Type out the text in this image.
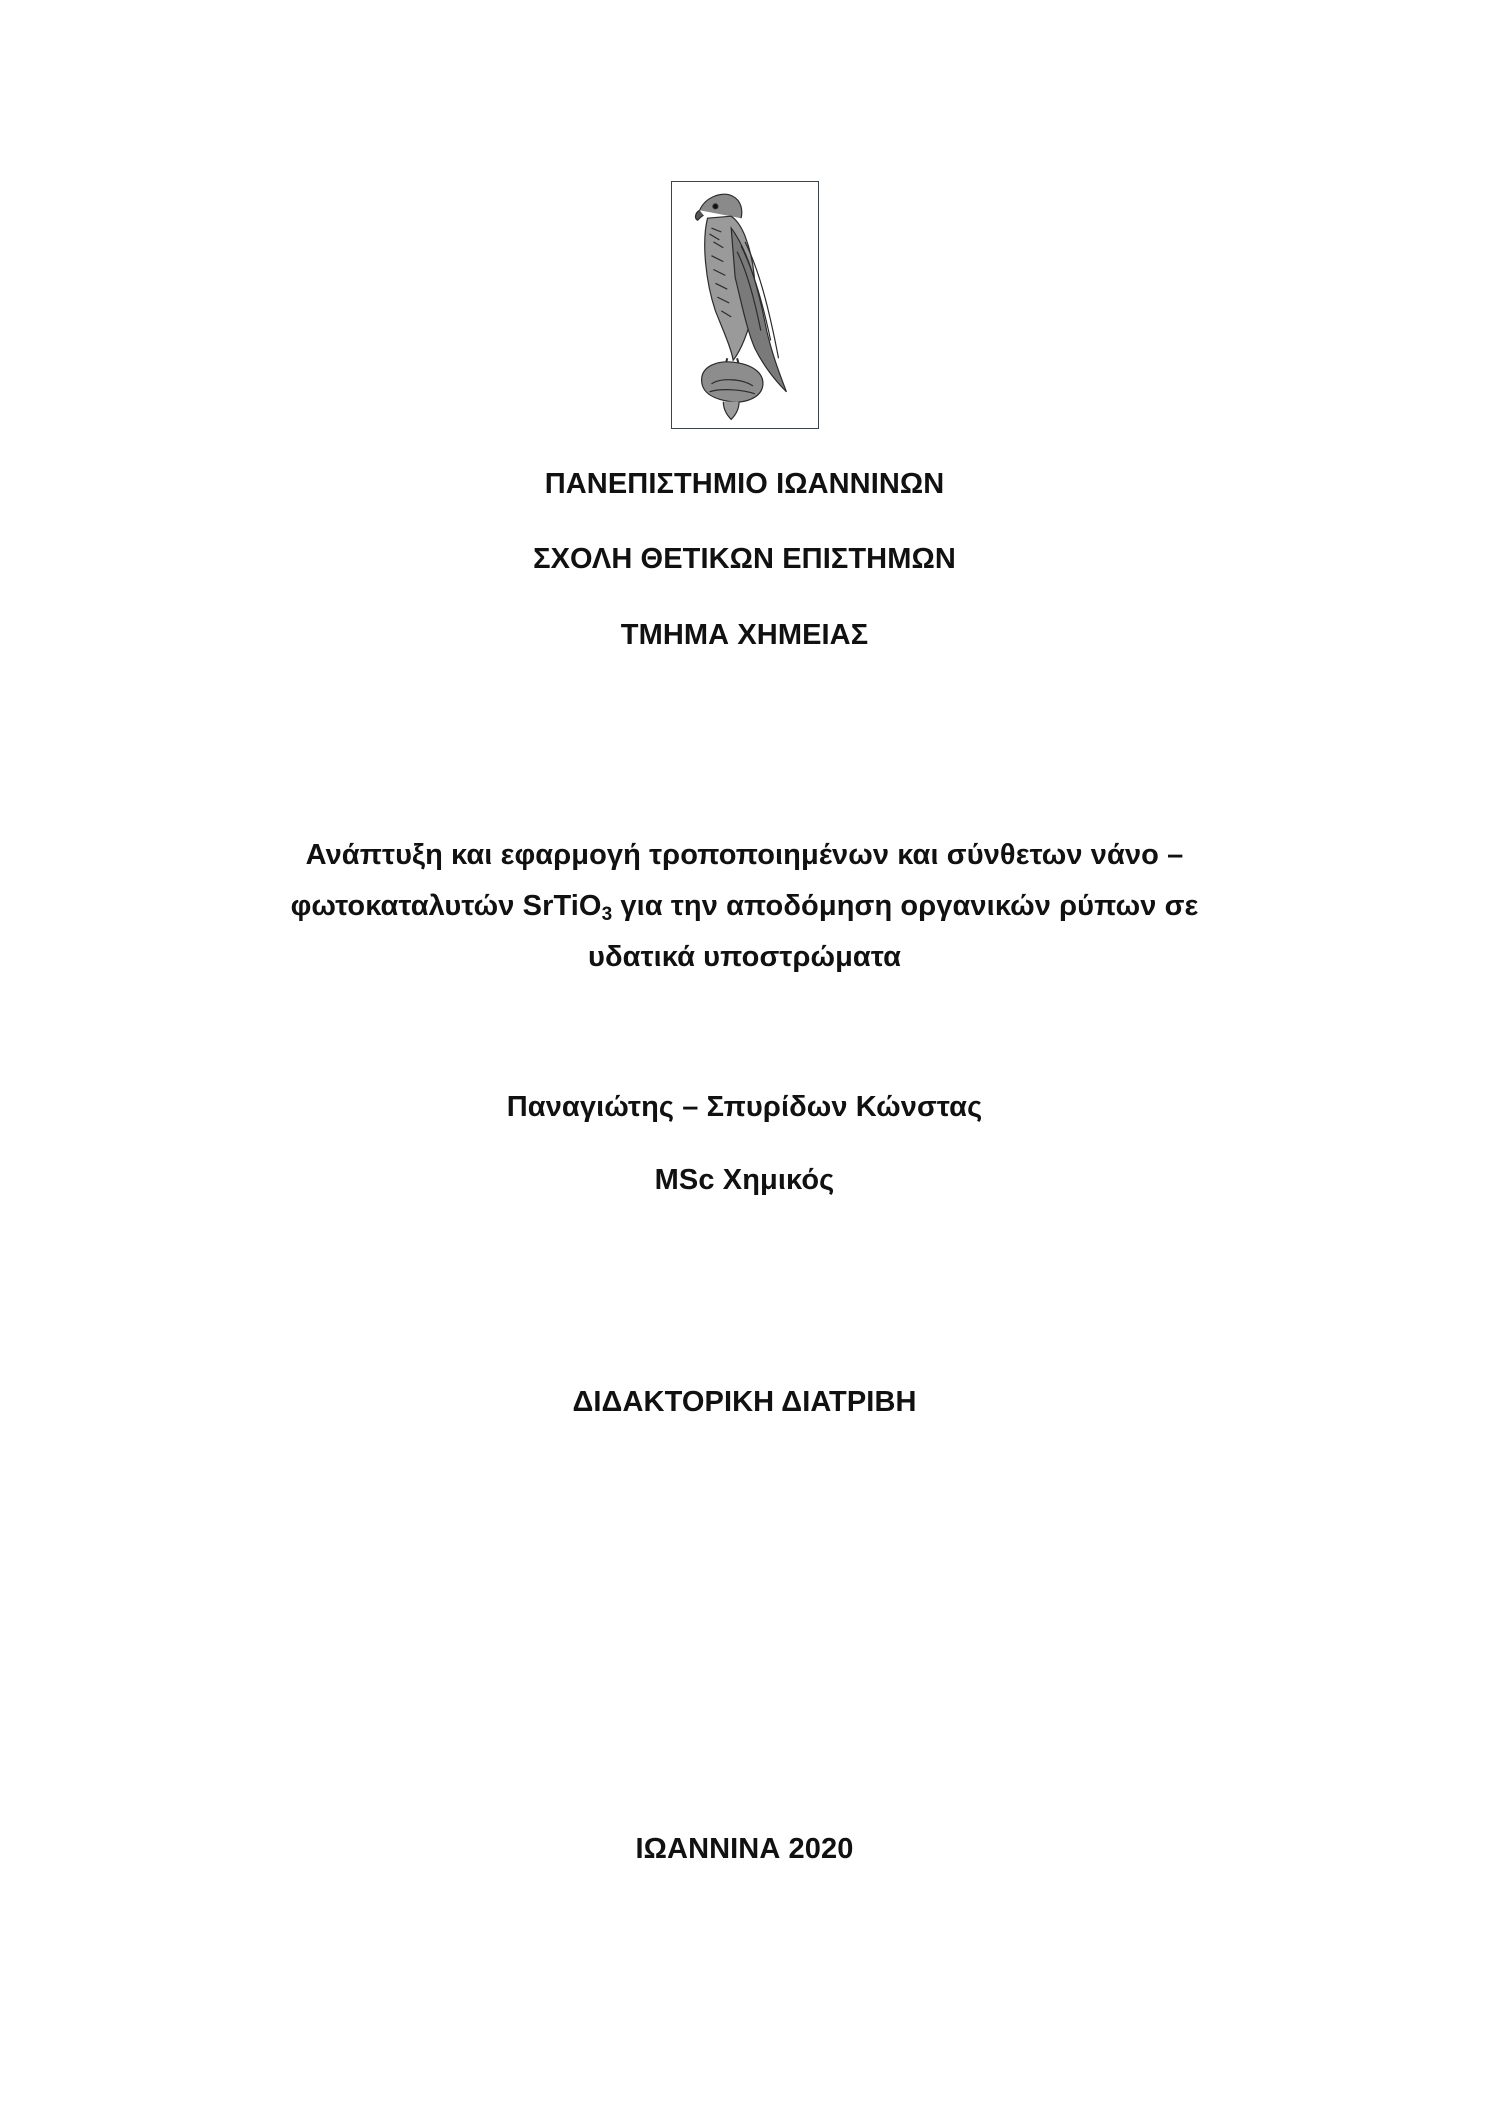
ΠΑΝΕΠΙΣΤΗΜΙΟ ΙΩΑΝΝΙΝΩΝ
ΣΧΟΛΗ ΘΕΤΙΚΩΝ ΕΠΙΣΤΗΜΩΝ
ΤΜΗΜΑ ΧΗΜΕΙΑΣ
Ανάπτυξη και εφαρμογή τροποποιημένων και σύνθετων νάνο –
φωτοκαταλυτών SrTiO$_3$ για την αποδόμηση οργανικών ρύπων σε
υδατικά υποστρώματα
Παναγιώτης – Σπυρίδων Κώνστας
MSc Χημικός
ΔΙΔΑΚΤΟΡΙΚΗ ΔΙΑΤΡΙΒΗ
ΙΩΑΝΝΙΝΑ 2020
